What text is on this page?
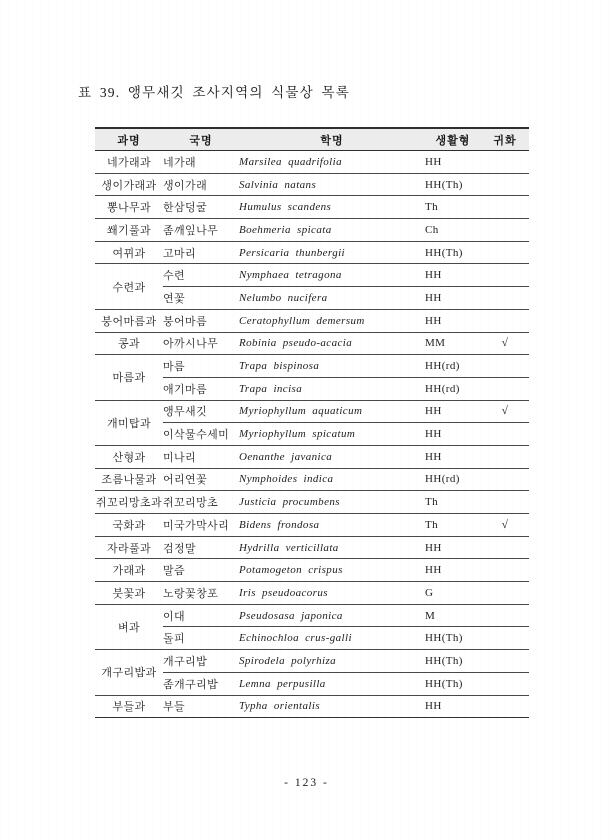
표 39. 앵무새깃 조사지역의 식물상 목록
과명	국명	학명	생활형	귀화
네가래과	네가래	Marsilea quadrifolia	HH	
생이가래과	생이가래	Salvinia natans	HH(Th)	
뽕나무과	한삼덩굴	Humulus scandens	Th	
쐐기풀과	좀깨잎나무	Boehmeria spicata	Ch	
여뀌과	고마리	Persicaria thunbergii	HH(Th)	
수련과	수련	Nymphaea tetragona	HH	
	연꽃	Nelumbo nucifera	HH	
붕어마름과	붕어마름	Ceratophyllum demersum	HH	
콩과	아까시나무	Robinia pseudo-acacia	MM	√
마름과	마름	Trapa bispinosa	HH(rd)	
	애기마름	Trapa incisa	HH(rd)	
개미탑과	앵무새깃	Myriophyllum aquaticum	HH	√
	이삭물수세미	Myriophyllum spicatum	HH	
산형과	미나리	Oenanthe javanica	HH	
조름나물과	어리연꽃	Nymphoides indica	HH(rd)	
쥐꼬리망초과	쥐꼬리망초	Justicia procumbens	Th	
국화과	미국가막사리	Bidens frondosa	Th	√
자라풀과	검정말	Hydrilla verticillata	HH	
가래과	말즘	Potamogeton crispus	HH	
붓꽃과	노랑꽃창포	Iris pseudoacorus	G	
벼과	이대	Pseudosasa japonica	M	
	돌피	Echinochloa crus-galli	HH(Th)	
개구리밥과	개구리밥	Spirodela polyrhiza	HH(Th)	
	좀개구리밥	Lemna perpusilla	HH(Th)	
부들과	부들	Typha orientalis	HH	
- 123 -
